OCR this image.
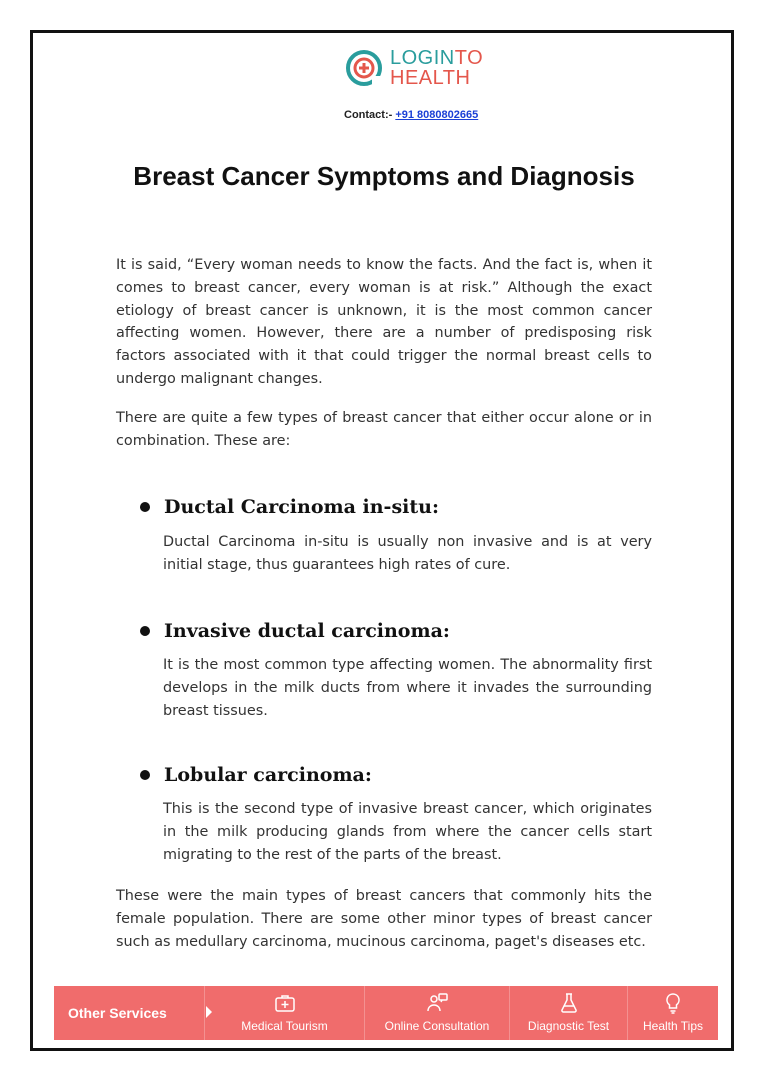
LOGINTO
HEALTH
Contact:- +91 8080802665
Breast Cancer Symptoms and Diagnosis

It is said, “Every woman needs to know the facts. And the fact is, when it comes to breast cancer, every woman is at risk.” Although the exact etiology of breast cancer is unknown, it is the most common cancer affecting women. However, there are a number of predisposing risk factors associated with it that could trigger the normal breast cells to undergo malignant changes.

There are quite a few types of breast cancer that either occur alone or in combination. These are:

Ductal Carcinoma in-situ:

Ductal Carcinoma in-situ is usually non invasive and is at very initial stage, thus guarantees high rates of cure.

Invasive ductal carcinoma:

It is the most common type affecting women. The abnormality first develops in the milk ducts from where it invades the surrounding breast tissues.

Lobular carcinoma:

This is the second type of invasive breast cancer, which originates in the milk producing glands from where the cancer cells start migrating to the rest of the parts of the breast.

These were the main types of breast cancers that commonly hits the female population. There are some other minor types of breast cancer such as medullary carcinoma, mucinous carcinoma, paget's diseases etc.

Other Services
Medical Tourism	Online Consultation	Diagnostic Test	Health Tips
